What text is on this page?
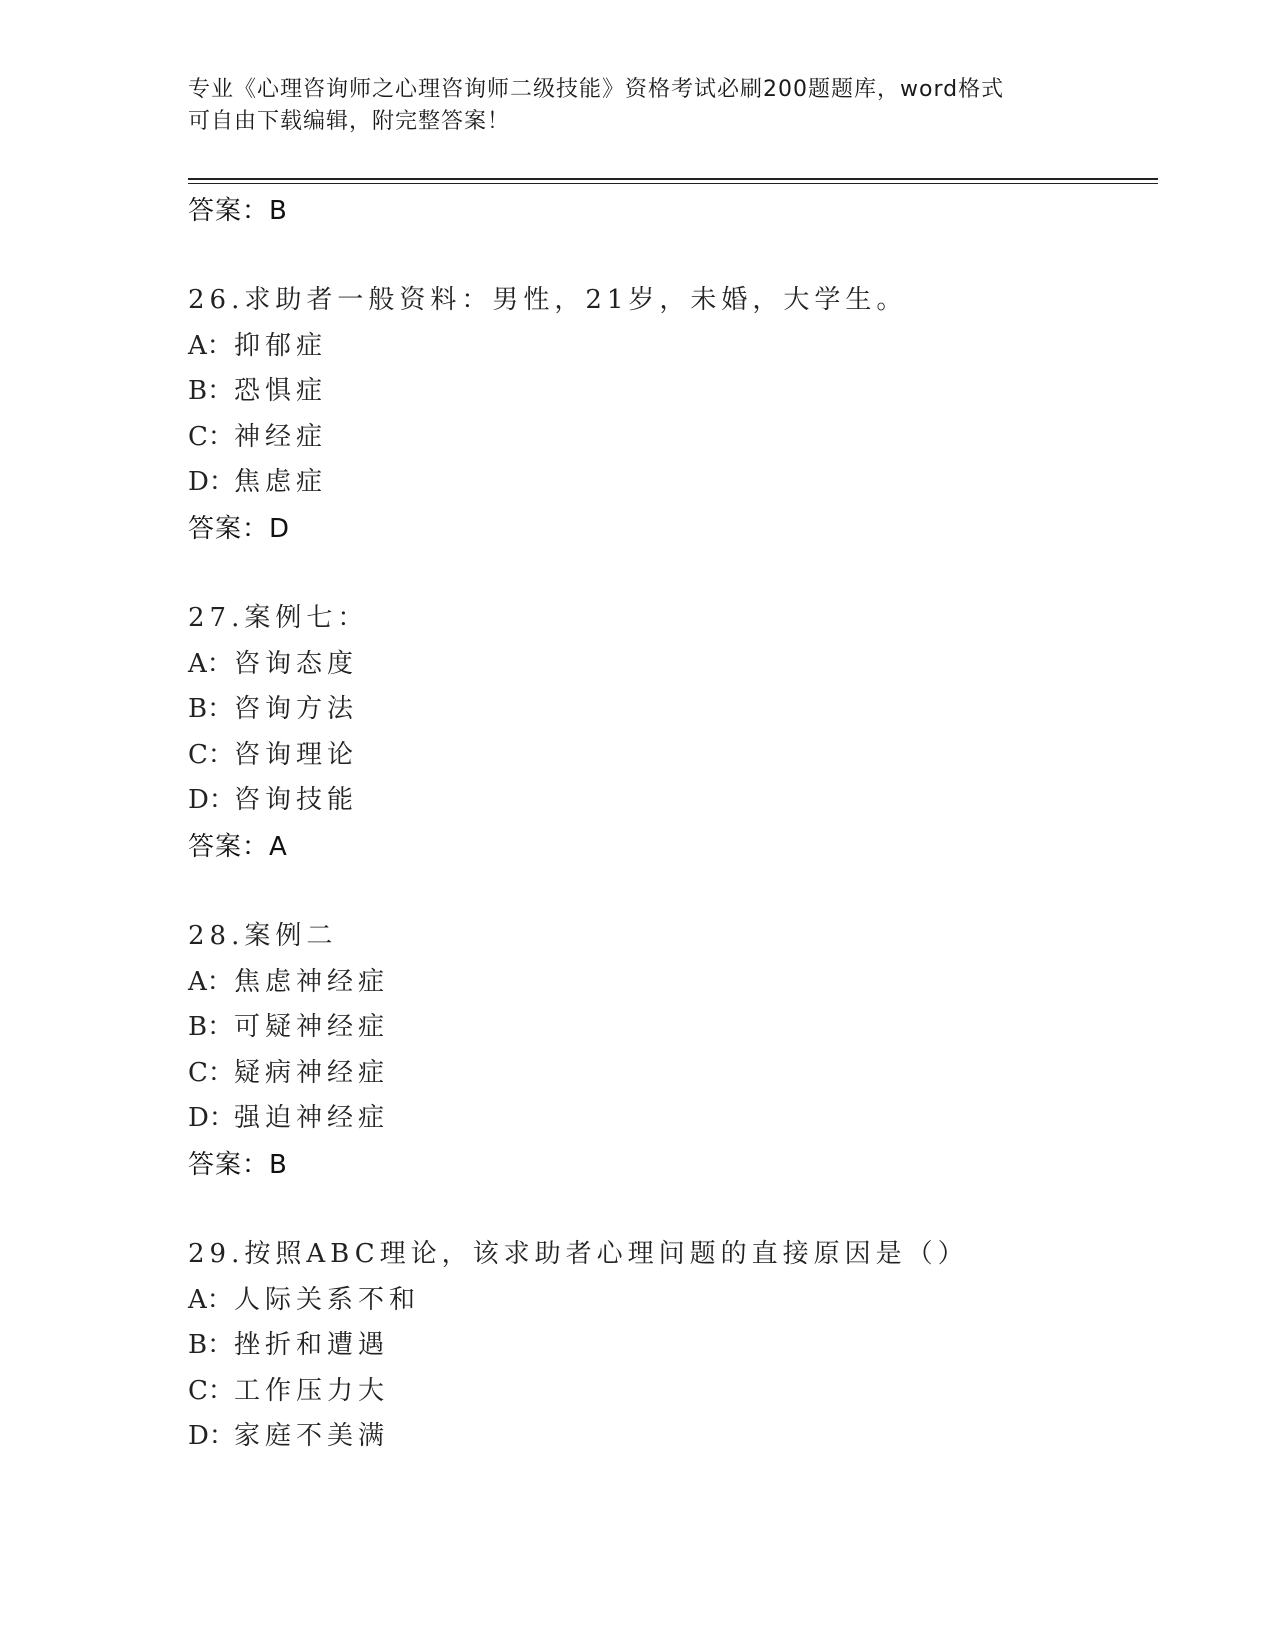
专业《心理咨询师之心理咨询师二级技能》资格考试必刷200题题库，word格式
可自由下载编辑，附完整答案！
答案：B
26.求助者一般资料：男性，21岁，未婚，大学生。
A：抑郁症
B：恐惧症
C：神经症
D：焦虑症
答案：D
27.案例七：
A：咨询态度
B：咨询方法
C：咨询理论
D：咨询技能
答案：A
28.案例二
A：焦虑神经症
B：可疑神经症
C：疑病神经症
D：强迫神经症
答案：B
29.按照ABC理论，该求助者心理问题的直接原因是（）
A：人际关系不和
B：挫折和遭遇
C：工作压力大
D：家庭不美满
